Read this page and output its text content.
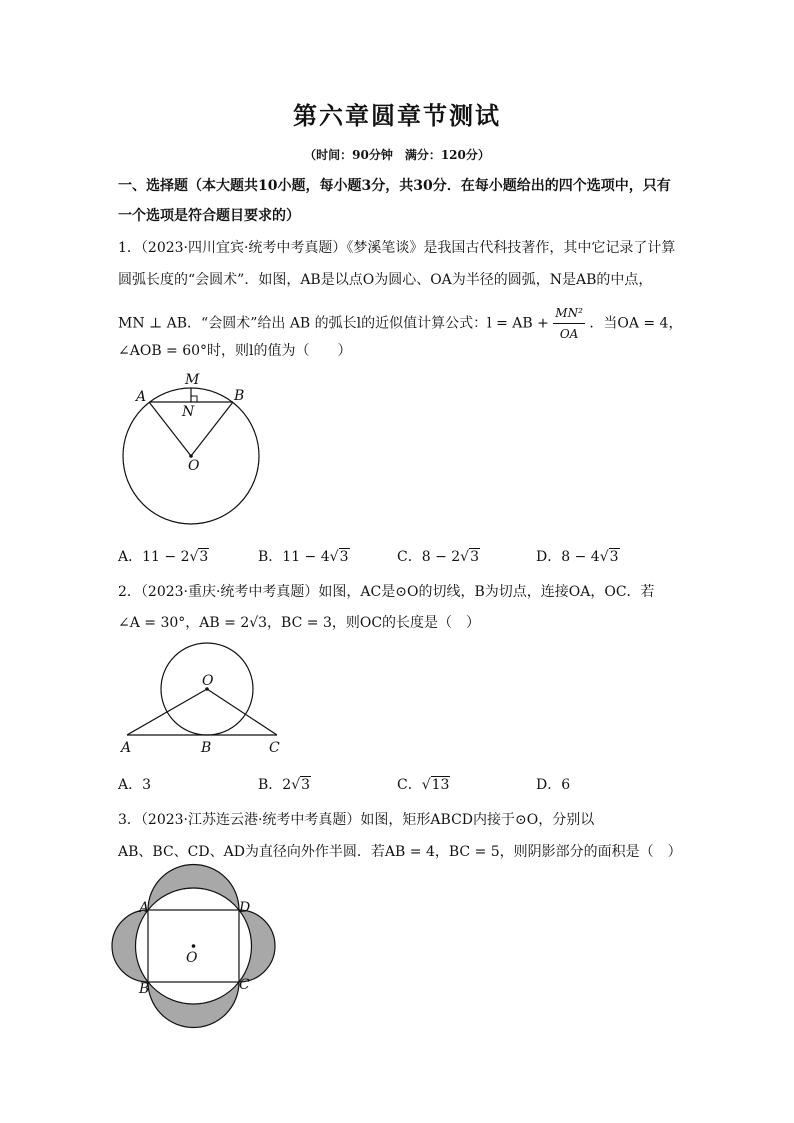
第六章圆章节测试
（时间：90分钟　满分：120分）
一、选择题（本大题共10小题，每小题3分，共30分．在每小题给出的四个选项中，只有
一个选项是符合题目要求的）
1．（2023·四川宜宾·统考中考真题）《梦溪笔谈》是我国古代科技著作，其中它记录了计算
圆弧长度的“会圆术”．如图，AB是以点O为圆心、OA为半径的圆弧，N是AB的中点，
MN ⊥ AB．“会圆术”给出 AB 的弧长l的近似值计算公式：l = AB + $\frac{\text{MN²}}{OA}$ ．当OA = 4，
∠AOB = 60°时，则l的值为（　　）
M
A	B
N
O
A．11 − 2√3	B．11 − 4√3	C．8 − 2√3	D．8 − 4√3
2．（2023·重庆·统考中考真题）如图，AC是⊙O的切线，B为切点，连接OA，OC．若
∠A = 30°，AB = 2√3，BC = 3，则OC的长度是（　）
O
A	B	C
A．3	B．2√3	C．√13	D．6
3．（2023·江苏连云港·统考中考真题）如图，矩形ABCD内接于⊙O，分别以
AB、BC、CD、AD为直径向外作半圆．若AB = 4，BC = 5，则阴影部分的面积是（　）
O
A	D
B	C
